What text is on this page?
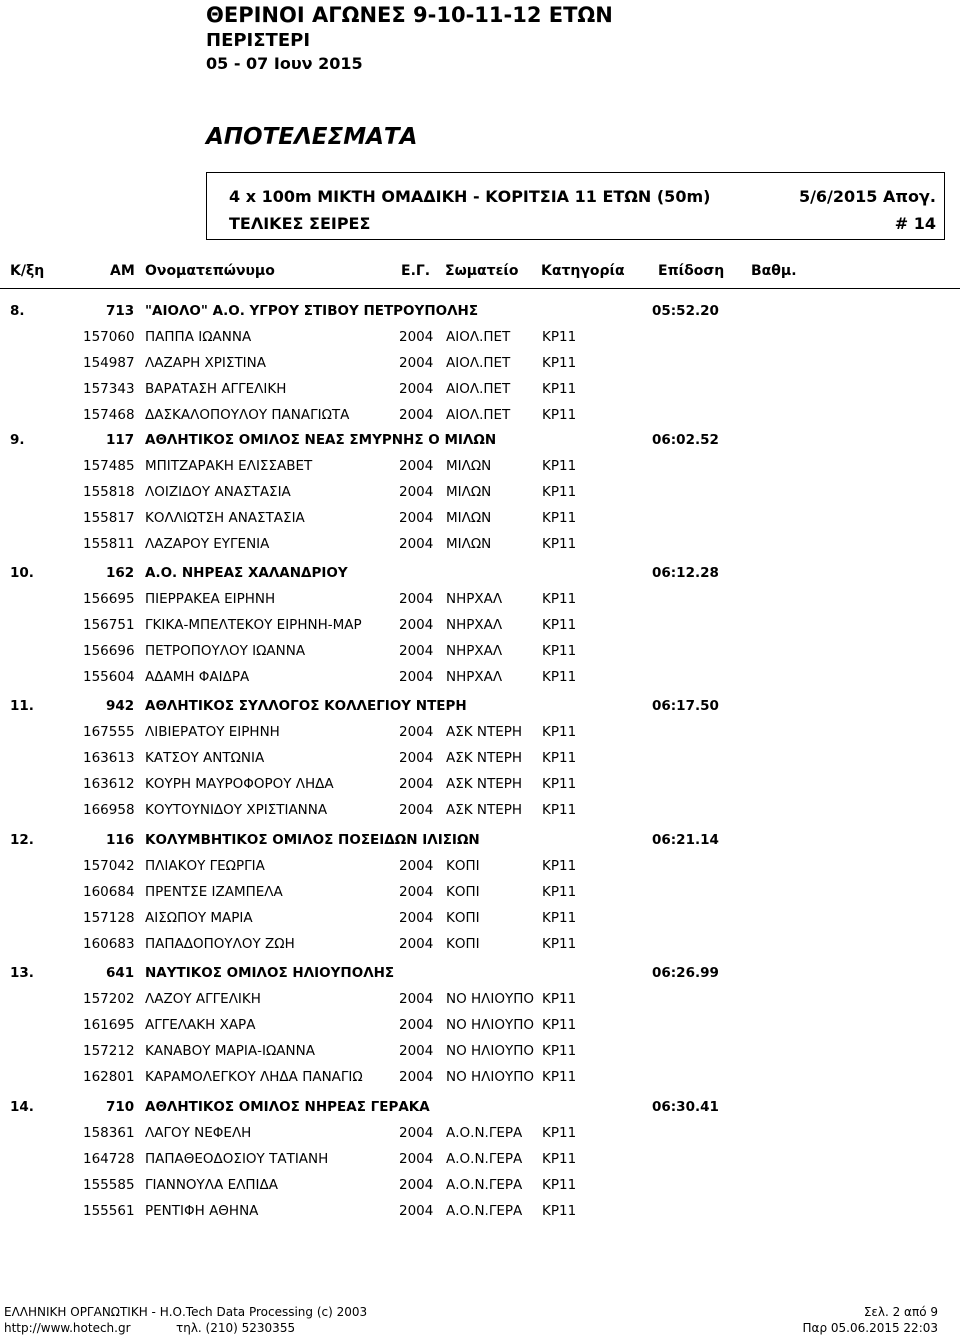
ΘΕΡΙΝΟΙ ΑΓΩΝΕΣ 9-10-11-12 ΕΤΩΝ
ΠΕΡΙΣΤΕΡΙ
05 - 07 Ιουν 2015
ΑΠΟΤΕΛΕΣΜΑΤΑ
4 x 100m ΜΙΚΤΗ ΟΜΑΔΙΚΗ - ΚΟΡΙΤΣΙΑ 11 ΕΤΩΝ (50m)	5/6/2015 Απογ.
ΤΕΛΙΚΕΣ ΣΕΙΡΕΣ	# 14
Κ/ξη	ΑΜ Ονοματεπώνυμο	Ε.Γ. Σωματείο Κατηγορία Επίδοση Βαθμ.
8.	713 "ΑΙΟΛΟ" Α.Ο. ΥΓΡΟΥ ΣΤΙΒΟΥ ΠΕΤΡΟΥΠΟΛΗΣ	05:52.20
157060 ΠΑΠΠΑ ΙΩΑΝΝΑ	2004 ΑΙΟΛ.ΠΕΤ ΚΡ11
154987 ΛΑΖΑΡΗ ΧΡΙΣΤΙΝΑ	2004 ΑΙΟΛ.ΠΕΤ ΚΡ11
157343 ΒΑΡΑΤΑΣΗ ΑΓΓΕΛΙΚΗ	2004 ΑΙΟΛ.ΠΕΤ ΚΡ11
157468 ΔΑΣΚΑΛΟΠΟΥΛΟΥ ΠΑΝΑΓΙΩΤΑ	2004 ΑΙΟΛ.ΠΕΤ ΚΡ11
9.	117 ΑΘΛΗΤΙΚΟΣ ΟΜΙΛΟΣ ΝΕΑΣ ΣΜΥΡΝΗΣ Ο ΜΙΛΩΝ	06:02.52
157485 ΜΠΙΤΖΑΡΑΚΗ ΕΛΙΣΣΑΒΕΤ	2004 ΜΙΛΩΝ	ΚΡ11
155818 ΛΟΙΖΙΔΟΥ ΑΝΑΣΤΑΣΙΑ	2004 ΜΙΛΩΝ	ΚΡ11
155817 ΚΟΛΛΙΩΤΣΗ ΑΝΑΣΤΑΣΙΑ	2004 ΜΙΛΩΝ	ΚΡ11
155811 ΛΑΖΑΡΟΥ ΕΥΓΕΝΙΑ	2004 ΜΙΛΩΝ	ΚΡ11
10.	162 Α.Ο. ΝΗΡΕΑΣ ΧΑΛΑΝΔΡΙΟΥ	06:12.28
156695 ΠΙΕΡΡΑΚΕΑ ΕΙΡΗΝΗ	2004 ΝΗΡΧΑΛ	ΚΡ11
156751 ΓΚΙΚΑ-ΜΠΕΛΤΕΚΟΥ ΕΙΡΗΝΗ-ΜΑΡ	2004 ΝΗΡΧΑΛ	ΚΡ11
156696 ΠΕΤΡΟΠΟΥΛΟΥ ΙΩΑΝΝΑ	2004 ΝΗΡΧΑΛ	ΚΡ11
155604 ΑΔΑΜΗ ΦΑΙΔΡΑ	2004 ΝΗΡΧΑΛ	ΚΡ11
11.	942 ΑΘΛΗΤΙΚΟΣ ΣΥΛΛΟΓΟΣ ΚΟΛΛΕΓΙΟΥ ΝΤΕΡΗ	06:17.50
167555 ΛΙΒΙΕΡΑΤΟΥ ΕΙΡΗΝΗ	2004 ΑΣΚ ΝΤΕΡΗ ΚΡ11
163613 ΚΑΤΣΟΥ ΑΝΤΩΝΙΑ	2004 ΑΣΚ ΝΤΕΡΗ ΚΡ11
163612 ΚΟΥΡΗ ΜΑΥΡΟΦΟΡΟΥ ΛΗΔΑ	2004 ΑΣΚ ΝΤΕΡΗ ΚΡ11
166958 ΚΟΥΤΟΥΝΙΔΟΥ ΧΡΙΣΤΙΑΝΝΑ	2004 ΑΣΚ ΝΤΕΡΗ ΚΡ11
12.	116 ΚΟΛΥΜΒΗΤΙΚΟΣ ΟΜΙΛΟΣ ΠΟΣΕΙΔΩΝ ΙΛΙΣΙΩΝ	06:21.14
157042 ΠΛΙΑΚΟΥ ΓΕΩΡΓΙΑ	2004 ΚΟΠΙ	ΚΡ11
160684 ΠΡΕΝΤΣΕ ΙΖΑΜΠΕΛΑ	2004 ΚΟΠΙ	ΚΡ11
157128 ΑΙΣΩΠΟΥ ΜΑΡΙΑ	2004 ΚΟΠΙ	ΚΡ11
160683 ΠΑΠΑΔΟΠΟΥΛΟΥ ΖΩΗ	2004 ΚΟΠΙ	ΚΡ11
13.	641 ΝΑΥΤΙΚΟΣ ΟΜΙΛΟΣ ΗΛΙΟΥΠΟΛΗΣ	06:26.99
157202 ΛΑΖΟΥ ΑΓΓΕΛΙΚΗ	2004 ΝΟ ΗΛΙΟΥΠΟ ΚΡ11
161695 ΑΓΓΕΛΑΚΗ ΧΑΡΑ	2004 ΝΟ ΗΛΙΟΥΠΟ ΚΡ11
157212 ΚΑΝΑΒΟΥ ΜΑΡΙΑ-ΙΩΑΝΝΑ	2004 ΝΟ ΗΛΙΟΥΠΟ ΚΡ11
162801 ΚΑΡΑΜΟΛΕΓΚΟΥ ΛΗΔΑ ΠΑΝΑΓΙΩ	2004 ΝΟ ΗΛΙΟΥΠΟ ΚΡ11
14.	710 ΑΘΛΗΤΙΚΟΣ ΟΜΙΛΟΣ ΝΗΡΕΑΣ ΓΕΡΑΚΑ	06:30.41
158361 ΛΑΓΟΥ ΝΕΦΕΛΗ	2004 Α.Ο.Ν.ΓΕΡΑ ΚΡ11
164728 ΠΑΠΑΘΕΟΔΟΣΙΟΥ ΤΑΤΙΑΝΗ	2004 Α.Ο.Ν.ΓΕΡΑ ΚΡ11
155585 ΓΙΑΝΝΟΥΛΑ ΕΛΠΙΔΑ	2004 Α.Ο.Ν.ΓΕΡΑ ΚΡ11
155561 ΡΕΝΤΙΦΗ ΑΘΗΝΑ	2004 Α.Ο.Ν.ΓΕΡΑ ΚΡ11
ΕΛΛΗΝΙΚΗ ΟΡΓΑΝΩΤΙΚΗ - Η.Ο.Tech Data Processing (c) 2003
http://www.hotech.gr	τηλ. (210) 5230355
Σελ. 2 από 9
Παρ 05.06.2015 22:03
